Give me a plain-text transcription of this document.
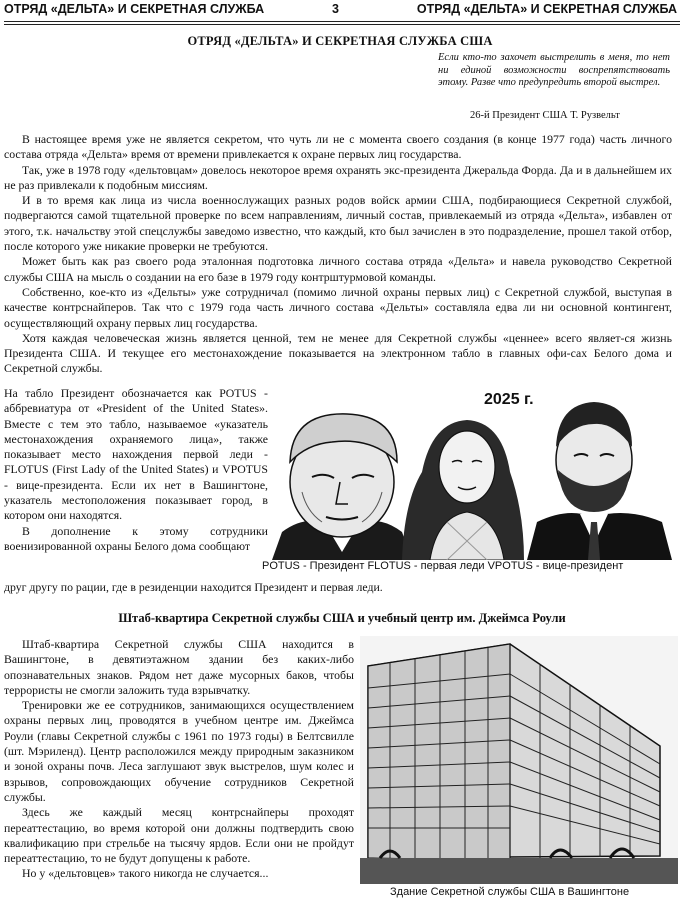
ОТРЯД «ДЕЛЬТА» И СЕКРЕТНАЯ СЛУЖБА	3	ОТРЯД «ДЕЛЬТА» И СЕКРЕТНАЯ СЛУЖБА
ОТРЯД «ДЕЛЬТА» И СЕКРЕТНАЯ СЛУЖБА США
Если кто-то захочет выстрелить в меня, то нет ни единой возможности воспрепятствовать этому. Разве что предупредить второй выстрел.
26-й Президент США Т. Рузвельт

В настоящее время уже не является секретом, что чуть ли не с момента своего создания (в конце 1977 года) часть личного состава отряда «Дельта» время от времени привлекается к охране первых лиц государства.

Так, уже в 1978 году «дельтовцам» довелось некоторое время охранять экс-президента Джеральда Форда. Да и в дальнейшем их не раз привлекали к подобным миссиям.

И в то время как лица из числа военнослужащих разных родов войск армии США, подбирающиеся Секретной службой, подвергаются самой тщательной проверке по всем направлениям, личный состав, привлекаемый из отряда «Дельта», избавлен от этого, т.к. начальству этой спецслужбы заведомо известно, что каждый, кто был зачислен в это подразделение, прошел такой отбор, после которого уже никакие проверки не требуются.

Может быть как раз своего рода эталонная подготовка личного состава отряда «Дельта» и навела руководство Секретной службы США на мысль о создании на его базе в 1979 году контрштурмовой команды.

Собственно, кое-кто из «Дельты» уже сотрудничал (помимо личной охраны первых лиц) с Секретной службой, выступая в качестве контрснайперов. Так что с 1979 года часть личного состава «Дельты» составляла едва ли ни основной контингент, осуществляющий охрану первых лиц государства.

Хотя каждая человеческая жизнь является ценной, тем не менее для Секретной службы «ценнее» всего являет-ся жизнь Президента США. И текущее его местонахождение показывается на электронном табло в главных офи-сах Белого дома и Секретной службы.

На табло Президент обозначается как POTUS - аббревиатура от «President of the United States». Вместе с тем это табло, называемое «указатель местонахождения охраняемого лица», также показывает место нахождения первой леди - FLOTUS (First Lady of the United States) и VPOTUS - вице-президента. Если их нет в Вашингтоне, указатель местоположения показывает город, в котором они находятся.

В дополнение к этому сотрудники военизированной охраны Белого дома сообщают

друг другу по рации, где в резиденции находится Президент и первая леди.
2025 г.
POTUS - Президент FLOTUS - первая леди VPOTUS - вице-президент
Штаб-квартира Секретной службы США и учебный центр им. Джеймса Роули

Штаб-квартира Секретной службы США находится в Вашингтоне, в девятиэтажном здании без каких-либо опознавательных знаков. Рядом нет даже мусорных баков, чтобы террористы не смогли заложить туда взрывчатку.

Тренировки же ее сотрудников, занимающихся осуществлением охраны первых лиц, проводятся в учебном центре им. Джеймса Роули (главы Секретной службы с 1961 по 1973 годы) в Белтсвилле (шт. Мэриленд). Центр расположился между природным заказником и зоной охраны почв. Леса заглушают звук выстрелов, шум колес и взрывов, сопровождающих обучение сотрудников Секретной службы.

Здесь же каждый месяц контрснайперы проходят переаттестацию, во время которой они должны подтвердить свою квалификацию при стрельбе на тысячу ярдов. Если они не пройдут переаттестацию, то не будут допущены к работе.

Но у «дельтовцев» такого никогда не случается...

Здание Секретной службы США в Вашингтоне
